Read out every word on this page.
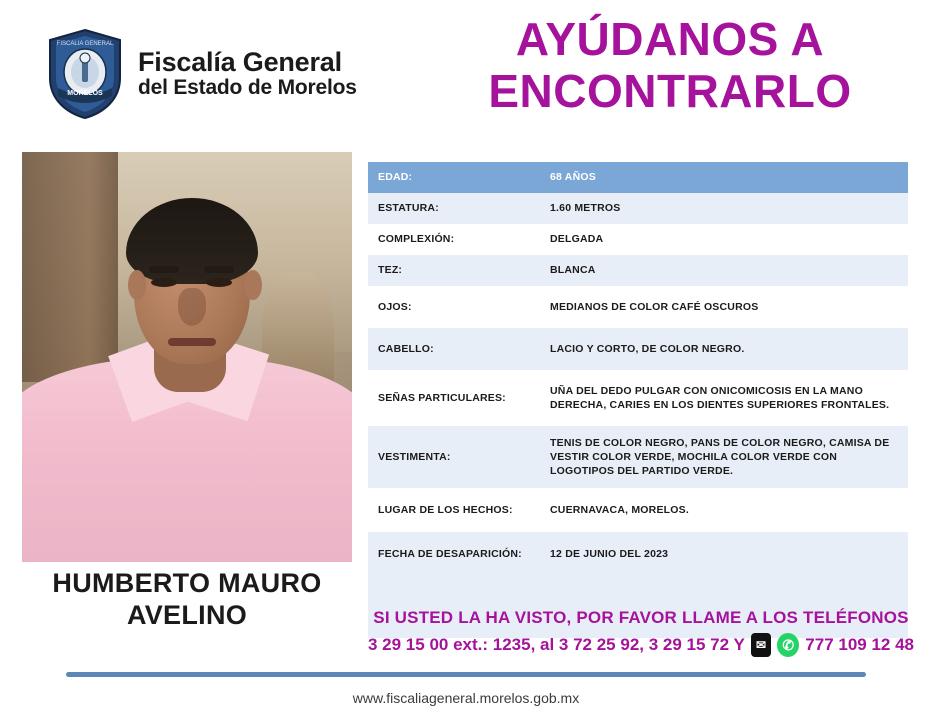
MORELOS
FISCALIA GENERAL
Fiscalía General
del Estado de Morelos
AYÚDANOS A ENCONTRARLO
HUMBERTO MAURO AVELINO
EDAD:	68 AÑOS
ESTATURA:	1.60 METROS
COMPLEXIÓN:	DELGADA
TEZ:	BLANCA
OJOS:	MEDIANOS DE COLOR CAFÉ OSCUROS
CABELLO:	LACIO Y CORTO, DE COLOR NEGRO.
SEÑAS PARTICULARES:
UÑA DEL DEDO PULGAR CON ONICOMICOSIS EN LA MANO DERECHA, CARIES EN LOS DIENTES SUPERIORES FRONTALES.
VESTIMENTA:
TENIS DE COLOR NEGRO, PANS DE COLOR NEGRO, CAMISA DE VESTIR COLOR VERDE, MOCHILA COLOR VERDE CON LOGOTIPOS DEL PARTIDO VERDE.
LUGAR DE LOS HECHOS:	CUERNAVACA, MORELOS.
FECHA DE DESAPARICIÓN:	12 DE JUNIO DEL 2023
SI USTED LA HA VISTO, POR FAVOR LLAME A LOS TELÉFONOS
3 29 15 00 ext.: 1235, al 3 72 25 92, 3 29 15 72 Y ✉	✆ 777 109 12 48
www.fiscaliageneral.morelos.gob.mx
